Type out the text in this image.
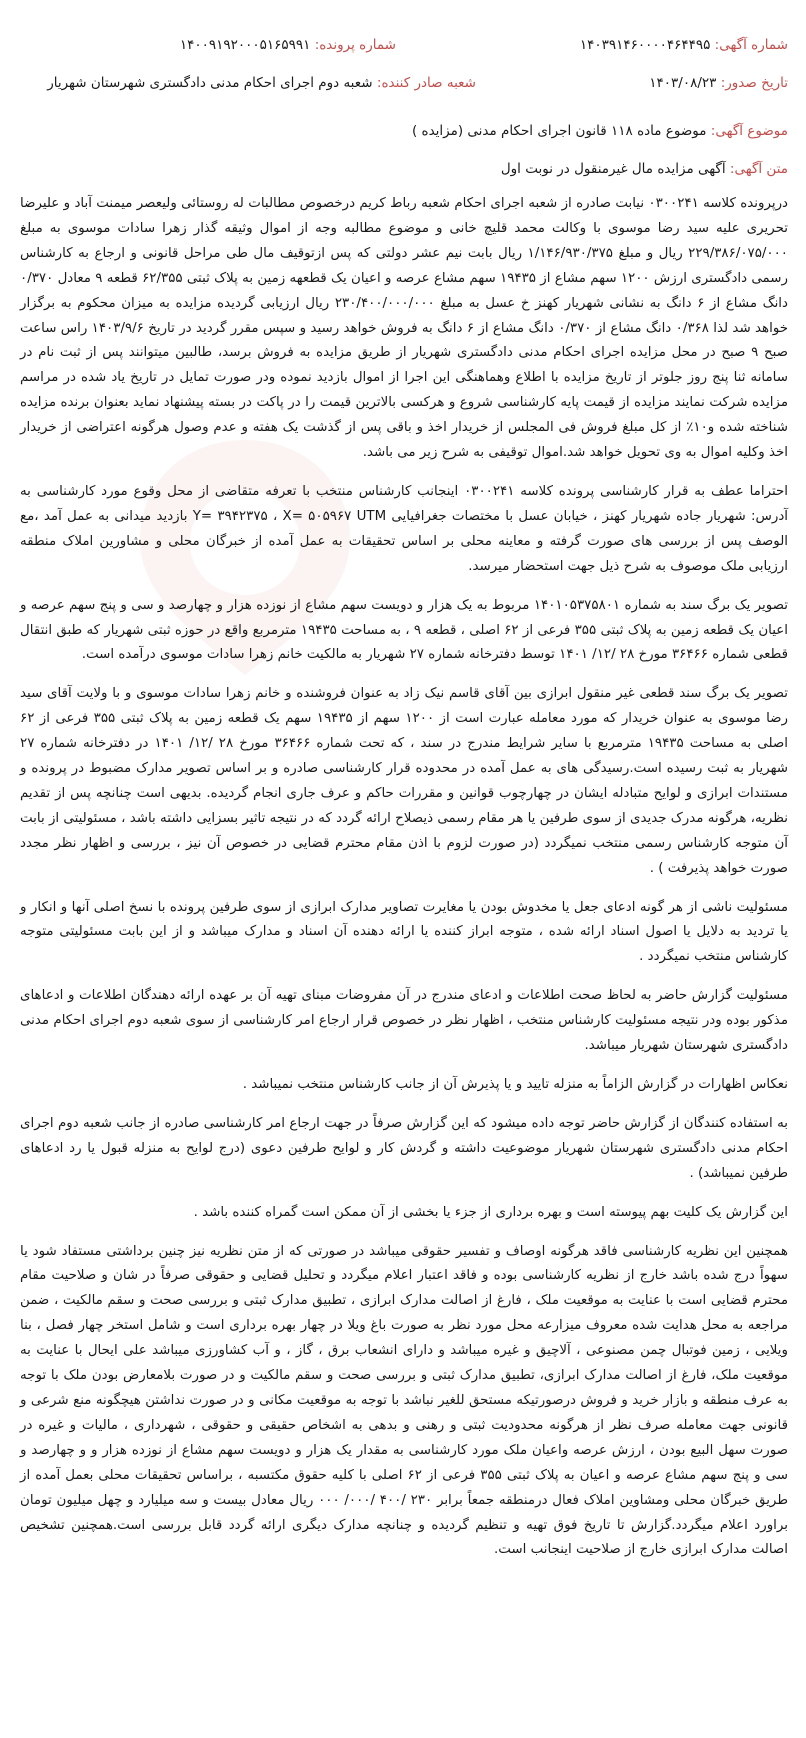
شماره آگهی: ۱۴۰۳۹۱۴۶۰۰۰۰۴۶۴۴۹۵
شماره پرونده: ۱۴۰۰۹۱۹۲۰۰۰۵۱۶۵۹۹۱
تاریخ صدور: ۱۴۰۳/۰۸/۲۳
شعبه صادر کننده: شعبه دوم اجرای احکام مدنی دادگستری شهرستان شهریار
موضوع آگهی: موضوع ماده ۱۱۸ قانون اجرای احکام مدنی (مزایده )
متن آگهی: آگهی مزایده مال غیرمنقول در نوبت اول

درپرونده کلاسه ۰۳۰۰۲۴۱ نیابت صادره از شعبه اجرای احکام شعبه رباط کریم درخصوص مطالبات له روستائی ولیعصر میمنت آباد و علیرضا تحریری علیه سید رضا موسوی با وکالت محمد قلیچ خانی و موضوع مطالبه وجه از اموال وثیقه گذار زهرا سادات موسوی به مبلغ ۲۲۹/۳۸۶/۰۷۵/۰۰۰ ریال و مبلغ ۱/۱۴۶/۹۳۰/۳۷۵ ریال بابت نیم عشر دولتی که پس ازتوقیف مال طی مراحل قانونی و ارجاع به کارشناس رسمی دادگستری ارزش ۱۲۰۰ سهم مشاع از ۱۹۴۳۵ سهم مشاع عرصه و اعیان یک قطعهه زمین به پلاک ثبتی ۶۲/۳۵۵ قطعه ۹ معادل ۰/۳۷۰ دانگ مشاع از ۶ دانگ به نشانی شهریار کهنز خ عسل به مبلغ ۲۳۰/۴۰۰/۰۰۰/۰۰۰ ریال ارزیابی گردیده مزایده به میزان محکوم به برگزار خواهد شد لذا ۰/۳۶۸ دانگ مشاع از ۰/۳۷۰ دانگ مشاع از ۶ دانگ به فروش خواهد رسید و سپس مقرر گردید در تاریخ ۱۴۰۳/۹/۶ راس ساعت صبح ۹ صبح در محل مزایده اجرای احکام مدنی دادگستری شهریار از طریق مزایده به فروش برسد، طالبین میتوانند پس از ثبت نام در سامانه ثنا پنج روز جلوتر از تاریخ مزایده با اطلاع وهماهنگی این اجرا از اموال بازدید نموده ودر صورت تمایل در تاریخ یاد شده در مراسم مزایده شرکت نمایند مزایده از قیمت پایه کارشناسی شروع و هرکسی بالاترین قیمت را در پاکت در بسته پیشنهاد نماید بعنوان برنده مزایده شناخته شده و۱۰٪ از کل مبلغ فروش فی المجلس از خریدار اخذ و باقی پس از گذشت یک هفته و عدم وصول هرگونه اعتراضی از خریدار اخذ وکلیه اموال به وی تحویل خواهد شد.اموال توقیفی به شرح زیر می باشد.

احتراما عطف به قرار کارشناسی پرونده کلاسه ۰۳۰۰۲۴۱ اینجانب کارشناس منتخب با تعرفه متقاضی از محل وقوع مورد کارشناسی به آدرس: شهریار جاده شهریار کهنز ، خیابان عسل با مختصات جغرافیایی Y= ۳۹۴۲۳۷۵ ، X= ۵۰۵۹۶۷ UTM بازدید میدانی به عمل آمد ،مع الوصف پس از بررسی های صورت گرفته و معاینه محلی بر اساس تحقیقات به عمل آمده از خبرگان محلی و مشاورین املاک منطقه ارزیابی ملک موصوف به شرح ذیل جهت استحضار میرسد.

تصویر یک برگ سند به شماره ۱۴۰۱۰۵۳۷۵۸۰۱ مربوط به یک هزار و دویست سهم مشاع از نوزده هزار و چهارصد و سی و پنج سهم عرصه و اعیان یک قطعه زمین به پلاک ثبتی ۳۵۵ فرعی از ۶۲ اصلی ، قطعه ۹ ، به مساحت ۱۹۴۳۵ مترمربع واقع در حوزه ثبتی شهریار که طبق انتقال قطعی شماره ۳۶۴۶۶ مورخ ۲۸ /۱۲/ ۱۴۰۱ توسط دفترخانه شماره ۲۷ شهریار به مالکیت خانم زهرا سادات موسوی درآمده است.

تصویر یک برگ سند قطعی غیر منقول ابرازی بین آقای قاسم نیک زاد به عنوان فروشنده و خانم زهرا سادات موسوی و با ولایت آقای سید رضا موسوی به عنوان خریدار که مورد معامله عبارت است از ۱۲۰۰ سهم از ۱۹۴۳۵ سهم یک قطعه زمین به پلاک ثبتی ۳۵۵ فرعی از ۶۲ اصلی به مساحت ۱۹۴۳۵ مترمربع با سایر شرایط مندرج در سند ، که تحت شماره ۳۶۴۶۶ مورخ ۲۸ /۱۲/ ۱۴۰۱ در دفترخانه شماره ۲۷ شهریار به ثبت رسیده است.رسیدگی های به عمل آمده در محدوده قرار کارشناسی صادره و بر اساس تصویر مدارک مضبوط در پرونده و مستندات ابرازی و لوایح متبادله ایشان در چهارچوب قوانین و مقررات حاکم و عرف جاری انجام گردیده. بدیهی است چنانچه پس از تقدیم نظریه، هرگونه مدرک جدیدی از سوی طرفین یا هر مقام رسمی ذیصلاح ارائه گردد که در نتیجه تاثیر بسزایی داشته باشد ، مسئولیتی از بابت آن متوجه کارشناس رسمی منتخب نمیگردد (در صورت لزوم با اذن مقام محترم قضایی در خصوص آن نیز ، بررسی و اظهار نظر مجدد صورت خواهد پذیرفت ) .

مسئولیت ناشی از هر گونه ادعای جعل یا مخدوش بودن یا مغایرت تصاویر مدارک ابرازی از سوی طرفین پرونده با نسخ اصلی آنها و انکار و یا تردید به دلایل یا اصول اسناد ارائه شده ، متوجه ابراز کننده یا ارائه دهنده آن اسناد و مدارک میباشد و از این بابت مسئولیتی متوجه کارشناس منتخب نمیگردد .

مسئولیت گزارش حاضر به لحاظ صحت اطلاعات و ادعای مندرج در آن مفروضات مبنای تهیه آن بر عهده ارائه دهندگان اطلاعات و ادعاهای مذکور بوده ودر نتیجه مسئولیت کارشناس منتخب ، اظهار نظر در خصوص قرار ارجاع امر کارشناسی از سوی شعبه دوم اجرای احکام مدنی دادگستری شهرستان شهریار میباشد.

نعکاس اظهارات در گزارش الزاماً به منزله تایید و یا پذیرش آن از جانب کارشناس منتخب نمیباشد .

به استفاده کنندگان از گزارش حاضر توجه داده میشود که این گزارش صرفاً در جهت ارجاع امر کارشناسی صادره از جانب شعبه دوم اجرای احکام مدنی دادگستری شهرستان شهریار موضوعیت داشته و گردش کار و لوایح طرفین دعوی (درج لوایح به منزله قبول یا رد ادعاهای طرفین نمیباشد) .

این گزارش یک کلیت بهم پیوسته است و بهره برداری از جزء یا بخشی از آن ممکن است گمراه کننده باشد .

همچنین این نظریه کارشناسی فاقد هرگونه اوصاف و تفسیر حقوقی میباشد در صورتی که از متن نظریه نیز چنین برداشتی مستفاد شود یا سهواً درج شده باشد خارج از نظریه کارشناسی بوده و فاقد اعتبار اعلام میگردد و تحلیل قضایی و حقوقی صرفاً در شان و صلاحیت مقام محترم قضایی است با عنایت به موقعیت ملک ، فارغ از اصالت مدارک ابرازی ، تطبیق مدارک ثبتی و بررسی صحت و سقم مالکیت ، ضمن مراجعه به محل هدایت شده معروف میزارعه محل مورد نظر به صورت باغ ویلا در چهار بهره برداری است و شامل استخر چهار فصل ، بنا ویلایی ، زمین فوتبال چمن مصنوعی ، آلاچیق و غیره میباشد و دارای انشعاب برق ، گاز ، و آب کشاورزی میباشد علی ایحال با عنایت به موقعیت ملک، فارغ از اصالت مدارک ابرازی، تطبیق مدارک ثبتی و بررسی صحت و سقم مالکیت و در صورت بلامعارض بودن ملک با توجه به عرف منطقه و بازار خرید و فروش درصورتیکه مستحق للغیر نباشد با توجه به موقعیت مکانی و در صورت نداشتن هیچگونه منع شرعی و قانونی جهت معامله صرف نظر از هرگونه محدودیت ثبتی و رهنی و بدهی به اشخاص حقیقی و حقوقی ، شهرداری ، مالیات و غیره در صورت سهل البیع بودن ، ارزش عرصه واعیان ملک مورد کارشناسی به مقدار یک هزار و دویست سهم مشاع از نوزده هزار و و چهارصد و سی و پنج سهم مشاع عرصه و اعیان به پلاک ثبتی ۳۵۵ فرعی از ۶۲ اصلی با کلیه حقوق مکتسبه ، براساس تحقیقات محلی بعمل آمده از طریق خبرگان محلی ومشاوین املاک فعال درمنطقه جمعاً برابر ۲۳۰ /۴۰۰ /۰۰۰/ ۰۰۰ ریال معادل بیست و سه میلیارد و چهل میلیون تومان براورد اعلام میگردد.گزارش تا تاریخ فوق تهیه و تنظیم گردیده و چنانچه مدارک دیگری ارائه گردد قابل بررسی است.همچنین تشخیص اصالت مدارک ابرازی خارج از صلاحیت اینجانب است.
